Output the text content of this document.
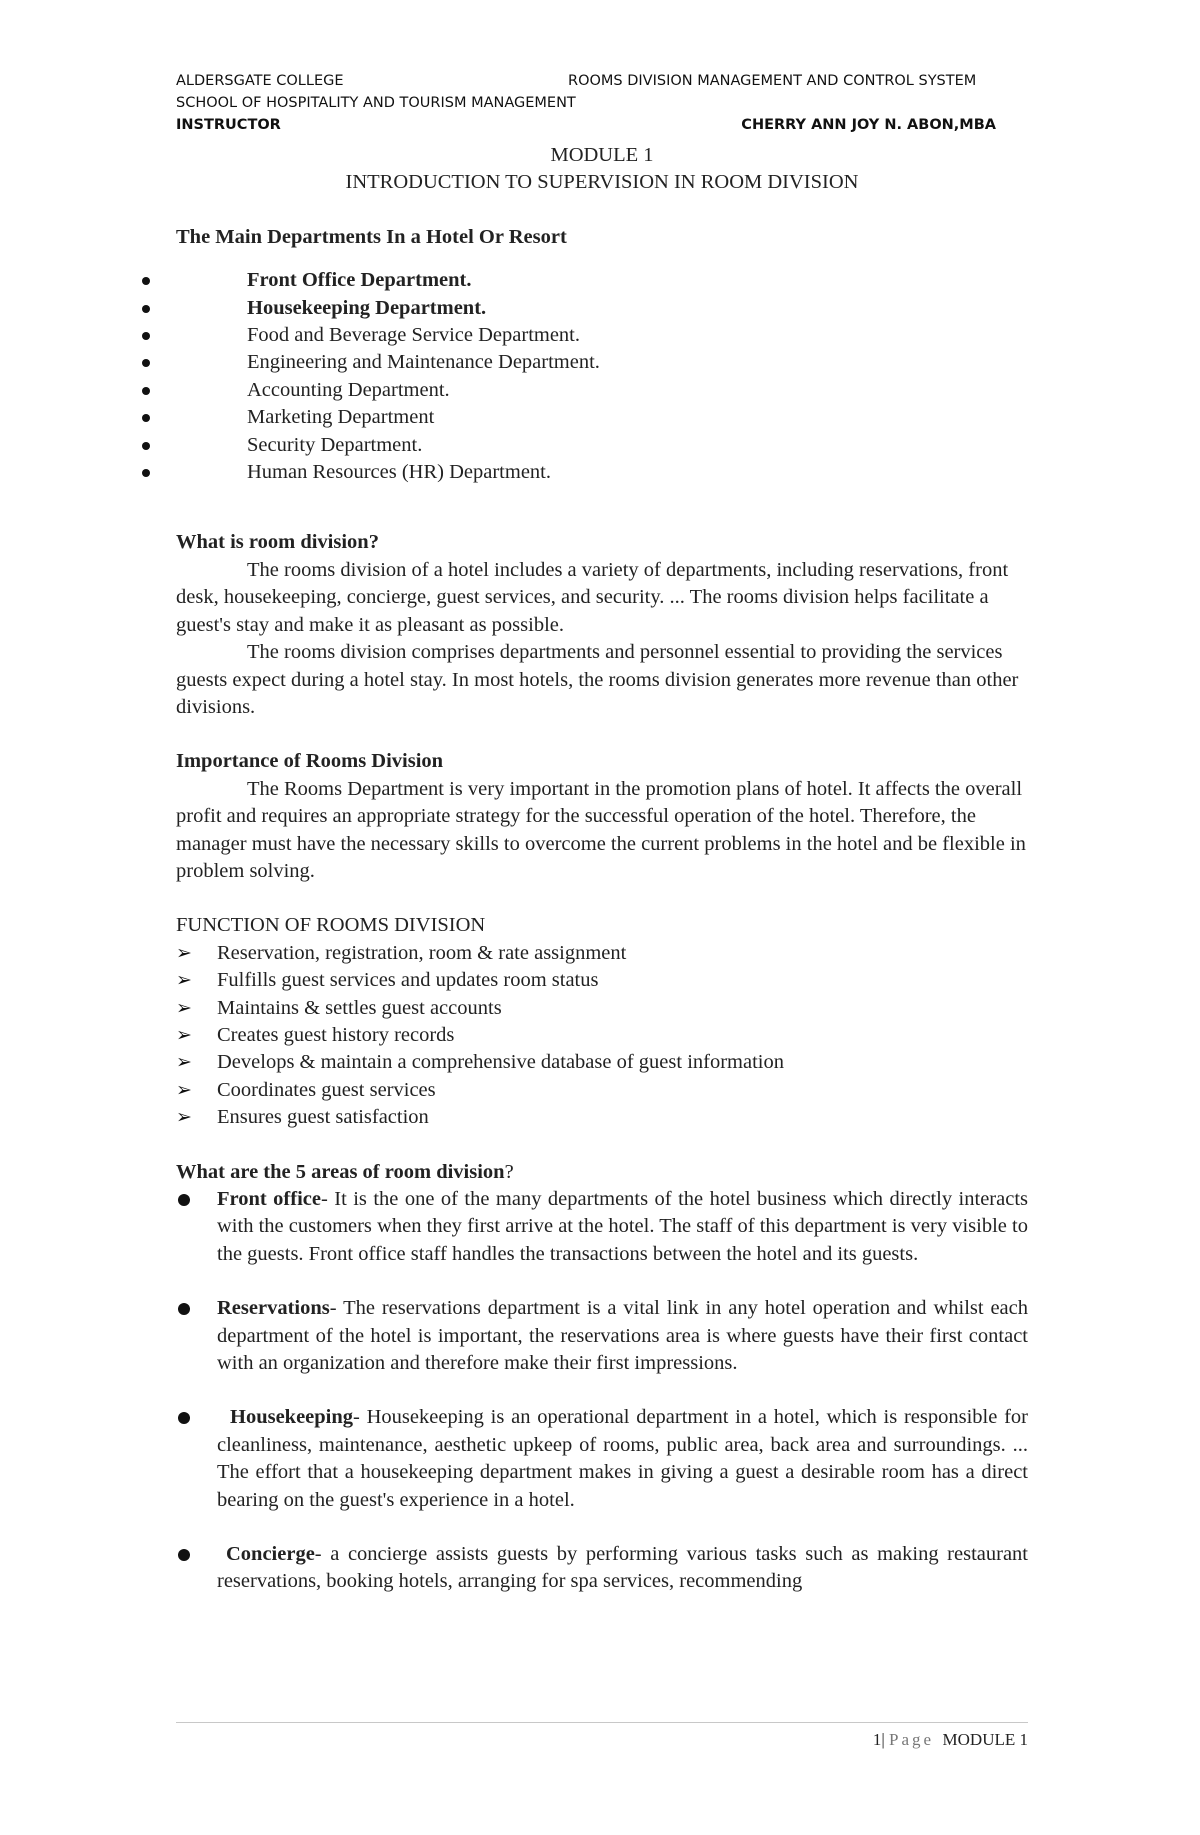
ALDERSGATE COLLEGE	ROOMS DIVISION MANAGEMENT AND CONTROL SYSTEM
SCHOOL OF HOSPITALITY AND TOURISM MANAGEMENT
INSTRUCTOR	CHERRY ANN JOY N. ABON,MBA

MODULE 1

INTRODUCTION TO SUPERVISION IN ROOM DIVISION

The Main Departments In a Hotel Or Resort

Front Office Department.
Housekeeping Department.
Food and Beverage Service Department.
Engineering and Maintenance Department.
Accounting Department.
Marketing Department
Security Department.
Human Resources (HR) Department.

What is room division?

The rooms division of a hotel includes a variety of departments, including reservations, front desk, housekeeping, concierge, guest services, and security. ... The rooms division helps facilitate a guest's stay and make it as pleasant as possible.

The rooms division comprises departments and personnel essential to providing the services guests expect during a hotel stay. In most hotels, the rooms division generates more revenue than other divisions.

Importance of Rooms Division

The Rooms Department is very important in the promotion plans of hotel. It affects the overall profit and requires an appropriate strategy for the successful operation of the hotel. Therefore, the manager must have the necessary skills to overcome the current problems in the hotel and be flexible in problem solving.

FUNCTION OF ROOMS DIVISION

➢ Reservation, registration, room & rate assignment
➢ Fulfills guest services and updates room status
➢ Maintains & settles guest accounts
➢ Creates guest history records
➢ Develops & maintain a comprehensive database of guest information
➢ Coordinates guest services
➢ Ensures guest satisfaction

What are the 5 areas of room division?

Front office- It is the one of the many departments of the hotel business which directly interacts with the customers when they first arrive at the hotel. The staff of this department is very visible to the guests. Front office staff handles the transactions between the hotel and its guests.
Reservations- The reservations department is a vital link in any hotel operation and whilst each department of the hotel is important, the reservations area is where guests have their first contact with an organization and therefore make their first impressions.
Housekeeping- Housekeeping is an operational department in a hotel, which is responsible for cleanliness, maintenance, aesthetic upkeep of rooms, public area, back area and surroundings. ... The effort that a housekeeping department makes in giving a guest a desirable room has a direct bearing on the guest's experience in a hotel.
Concierge- a concierge assists guests by performing various tasks such as making restaurant reservations, booking hotels, arranging for spa services, recommending
1| Page MODULE 1
